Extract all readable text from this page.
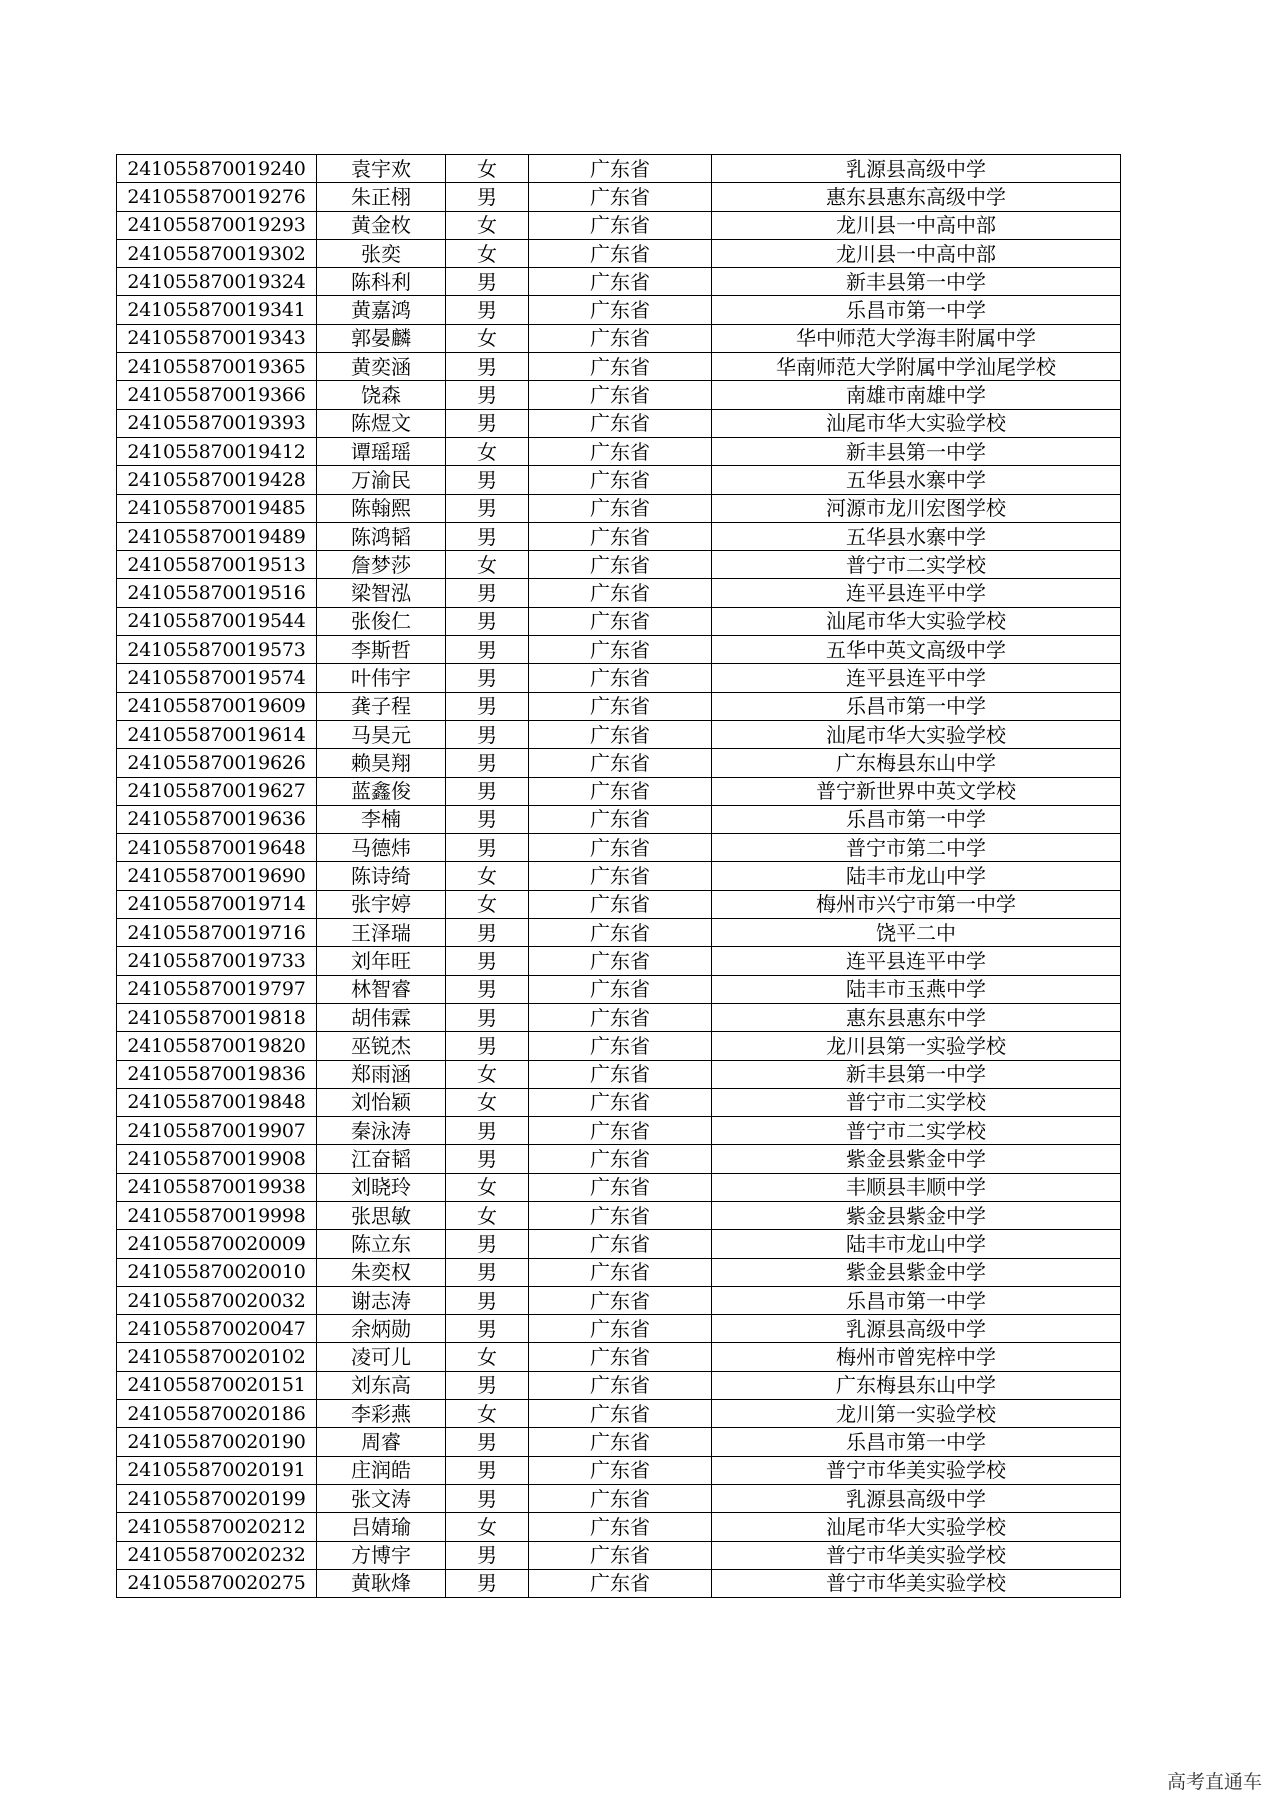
241055870019240	袁宇欢	女	广东省	乳源县高级中学
241055870019276	朱正栩	男	广东省	惠东县惠东高级中学
241055870019293	黄金枚	女	广东省	龙川县一中高中部
241055870019302	张奕	女	广东省	龙川县一中高中部
241055870019324	陈科利	男	广东省	新丰县第一中学
241055870019341	黄嘉鸿	男	广东省	乐昌市第一中学
241055870019343	郭晏麟	女	广东省	华中师范大学海丰附属中学
241055870019365	黄奕涵	男	广东省	华南师范大学附属中学汕尾学校
241055870019366	饶森	男	广东省	南雄市南雄中学
241055870019393	陈煜文	男	广东省	汕尾市华大实验学校
241055870019412	谭瑶瑶	女	广东省	新丰县第一中学
241055870019428	万渝民	男	广东省	五华县水寨中学
241055870019485	陈翰熙	男	广东省	河源市龙川宏图学校
241055870019489	陈鸿韬	男	广东省	五华县水寨中学
241055870019513	詹梦莎	女	广东省	普宁市二实学校
241055870019516	梁智泓	男	广东省	连平县连平中学
241055870019544	张俊仁	男	广东省	汕尾市华大实验学校
241055870019573	李斯哲	男	广东省	五华中英文高级中学
241055870019574	叶伟宇	男	广东省	连平县连平中学
241055870019609	龚子程	男	广东省	乐昌市第一中学
241055870019614	马昊元	男	广东省	汕尾市华大实验学校
241055870019626	赖昊翔	男	广东省	广东梅县东山中学
241055870019627	蓝鑫俊	男	广东省	普宁新世界中英文学校
241055870019636	李楠	男	广东省	乐昌市第一中学
241055870019648	马德炜	男	广东省	普宁市第二中学
241055870019690	陈诗绮	女	广东省	陆丰市龙山中学
241055870019714	张宇婷	女	广东省	梅州市兴宁市第一中学
241055870019716	王泽瑞	男	广东省	饶平二中
241055870019733	刘年旺	男	广东省	连平县连平中学
241055870019797	林智睿	男	广东省	陆丰市玉燕中学
241055870019818	胡伟霖	男	广东省	惠东县惠东中学
241055870019820	巫锐杰	男	广东省	龙川县第一实验学校
241055870019836	郑雨涵	女	广东省	新丰县第一中学
241055870019848	刘怡颖	女	广东省	普宁市二实学校
241055870019907	秦泳涛	男	广东省	普宁市二实学校
241055870019908	江奋韬	男	广东省	紫金县紫金中学
241055870019938	刘晓玲	女	广东省	丰顺县丰顺中学
241055870019998	张思敏	女	广东省	紫金县紫金中学
241055870020009	陈立东	男	广东省	陆丰市龙山中学
241055870020010	朱奕权	男	广东省	紫金县紫金中学
241055870020032	谢志涛	男	广东省	乐昌市第一中学
241055870020047	余炳勋	男	广东省	乳源县高级中学
241055870020102	凌可儿	女	广东省	梅州市曾宪梓中学
241055870020151	刘东高	男	广东省	广东梅县东山中学
241055870020186	李彩燕	女	广东省	龙川第一实验学校
241055870020190	周睿	男	广东省	乐昌市第一中学
241055870020191	庄润皓	男	广东省	普宁市华美实验学校
241055870020199	张文涛	男	广东省	乳源县高级中学
241055870020212	吕婧瑜	女	广东省	汕尾市华大实验学校
241055870020232	方博宇	男	广东省	普宁市华美实验学校
241055870020275	黄耿烽	男	广东省	普宁市华美实验学校
高考直通车
